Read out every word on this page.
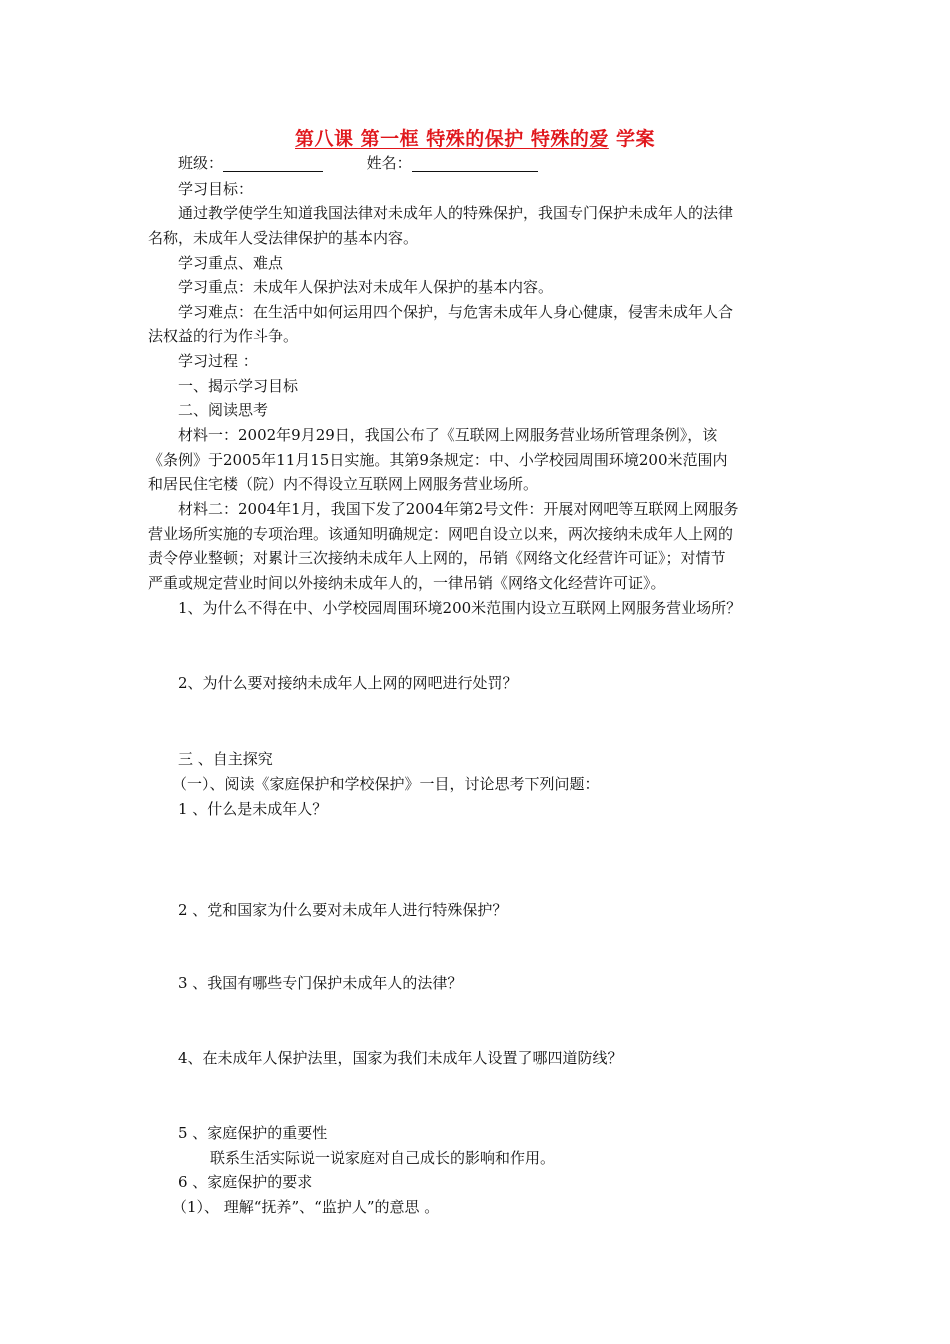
第八课 第一框 特殊的保护 特殊的爱 学案
班级：	姓名：
学习目标：
通过教学使学生知道我国法律对未成年人的特殊保护，我国专门保护未成年人的法律
名称，未成年人受法律保护的基本内容。
学习重点、难点
学习重点：未成年人保护法对未成年人保护的基本内容。
学习难点：在生活中如何运用四个保护，与危害未成年人身心健康，侵害未成年人合
法权益的行为作斗争。
学习过程 ：
一、揭示学习目标
二、阅读思考
材料一：2002年9月29日，我国公布了《互联网上网服务营业场所管理条例》，该
《条例》于2005年11月15日实施。其第9条规定：中、小学校园周围环境200米范围内
和居民住宅楼（院）内不得设立互联网上网服务营业场所。
材料二：2004年1月，我国下发了2004年第2号文件：开展对网吧等互联网上网服务
营业场所实施的专项治理。该通知明确规定：网吧自设立以来，两次接纳未成年人上网的
责令停业整顿；对累计三次接纳未成年人上网的，吊销《网络文化经营许可证》；对情节
严重或规定营业时间以外接纳未成年人的，一律吊销《网络文化经营许可证》。
1、为什么不得在中、小学校园周围环境200米范围内设立互联网上网服务营业场所？
2、为什么要对接纳未成年人上网的网吧进行处罚？
三 、自主探究
（一）、阅读《家庭保护和学校保护》一目，讨论思考下列问题：
1 、什么是未成年人？
2 、党和国家为什么要对未成年人进行特殊保护？
3 、我国有哪些专门保护未成年人的法律？
4、在未成年人保护法里，国家为我们未成年人设置了哪四道防线？
5 、家庭保护的重要性
联系生活实际说一说家庭对自己成长的影响和作用。
6 、家庭保护的要求
（1）、 理解“抚养”、“监护人”的意思 。
